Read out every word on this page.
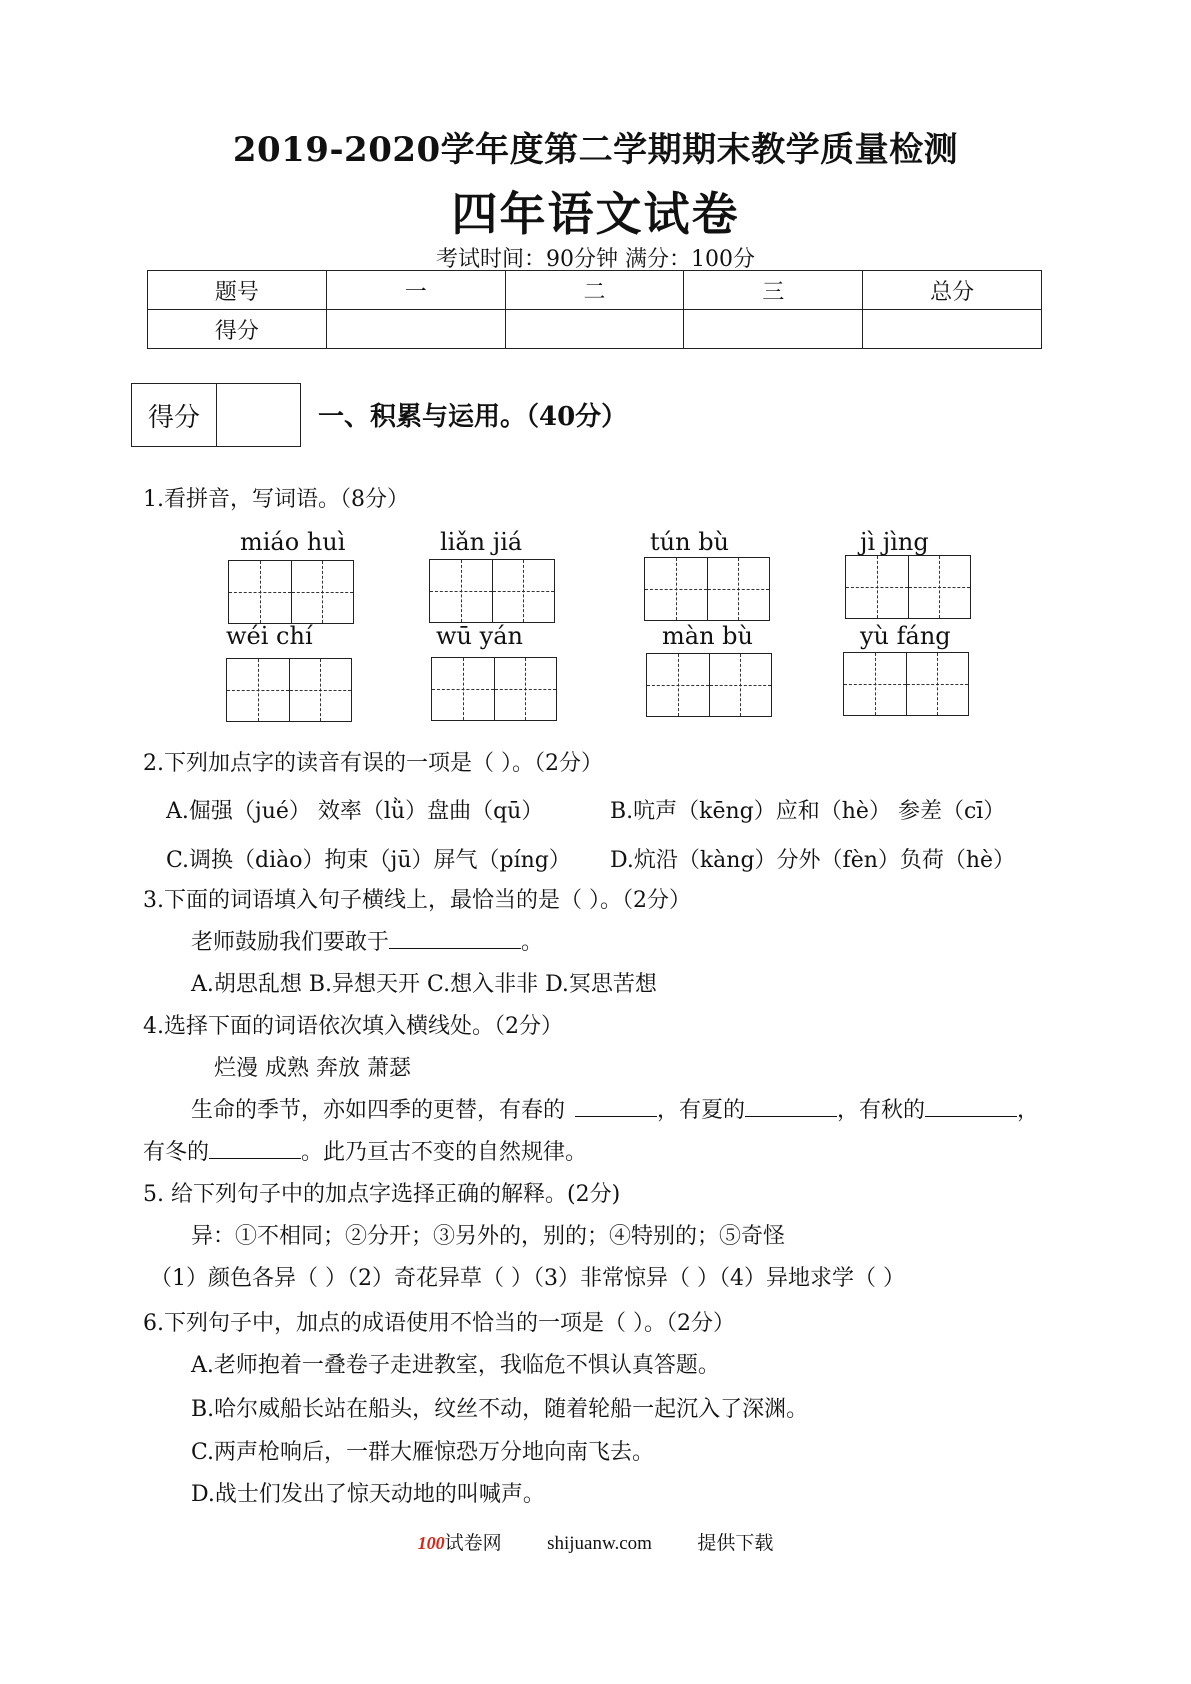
2019-2020学年度第二学期期末教学质量检测
四年语文试卷
考试时间：90分钟 满分：100分
题号	一	二	三	总分
得分				
得分	一、积累与运用。（40分）
1.看拼音，写词语。（8分）
miáo huì	liǎn jiá	tún bù	jì jìng
wéi chí	wū yán	màn bù	yù fáng
2.下列加点字的读音有误的一项是（ ）。（2分）
A.倔强（jué） 效率（lǜ）盘曲（qū）	B.吭声（kēng）应和（hè） 参差（cī）
C.调换（diào）拘束（jū）屏气（píng） D.炕沿（kàng）分外（fèn）负荷（hè）
3.下面的词语填入句子横线上，最恰当的是（ ）。（2分）
老师鼓励我们要敢于	。
A.胡思乱想 B.异想天开 C.想入非非 D.冥思苦想
4.选择下面的词语依次填入横线处。（2分）
烂漫 成熟 奔放 萧瑟
生命的季节，亦如四季的更替，有春的	，有夏的	，有秋的	，
有冬的	。此乃亘古不变的自然规律。
5. 给下列句子中的加点字选择正确的解释。(2分)
异：①不相同；②分开；③另外的，别的；④特别的；⑤奇怪
（1）颜色各异（ ）（2）奇花异草（ ）（3）非常惊异（ ）（4）异地求学（ ）
6.下列句子中，加点的成语使用不恰当的一项是（ ）。（2分）
A.老师抱着一叠卷子走进教室，我临危不惧认真答题。
B.哈尔威船长站在船头，纹丝不动，随着轮船一起沉入了深渊。
C.两声枪响后，一群大雁惊恐万分地向南飞去。
D.战士们发出了惊天动地的叫喊声。
100试卷网 shijuanw.com 提供下载
